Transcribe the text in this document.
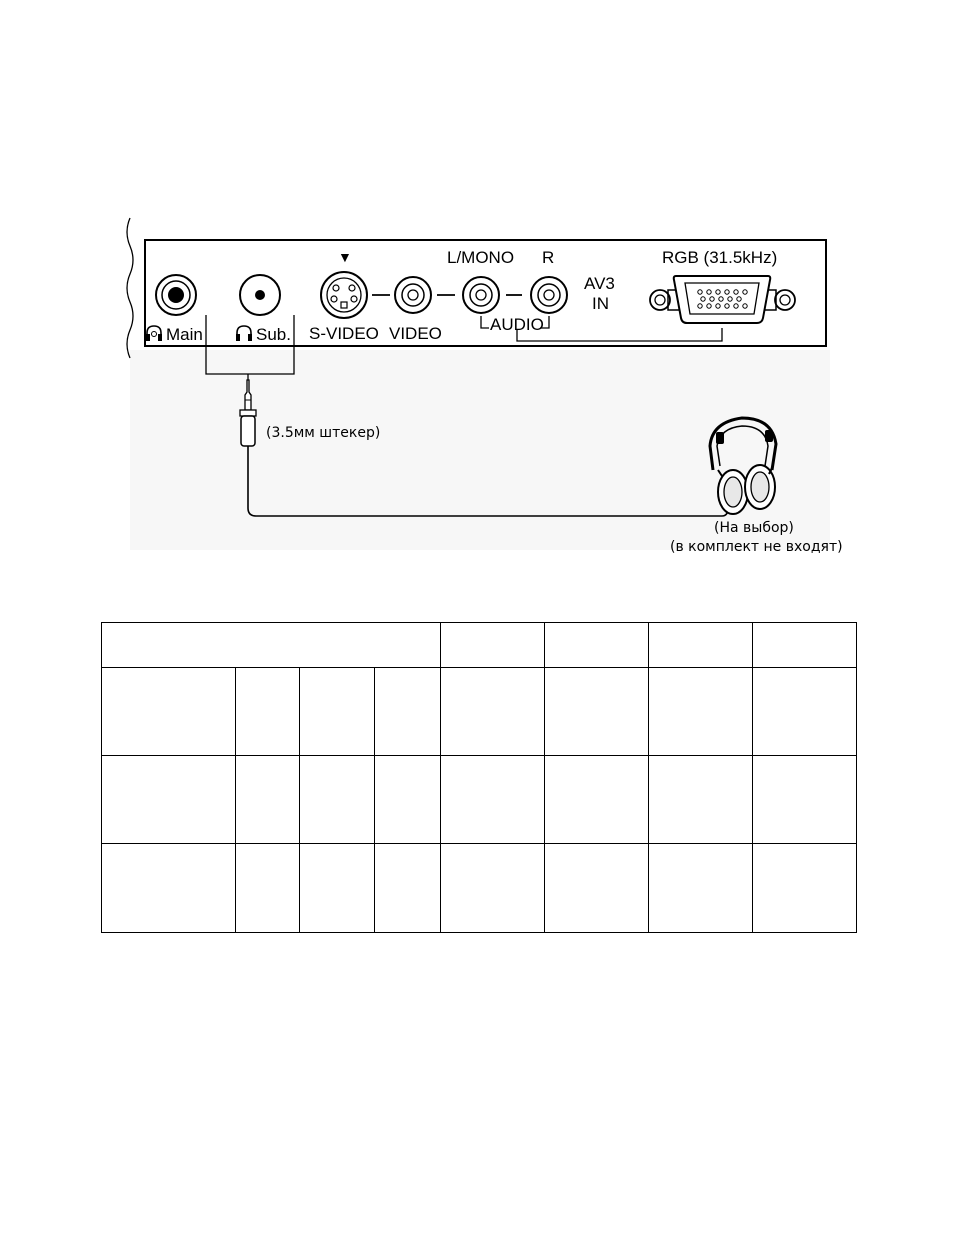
Main	Sub.
▼
S-VIDEO VIDEO
L/MONO R
AUDIO
AV3
IN
RGB (31.5kHz)
(3.5мм штекер)
(На выбор)
(в комплект не входят)
